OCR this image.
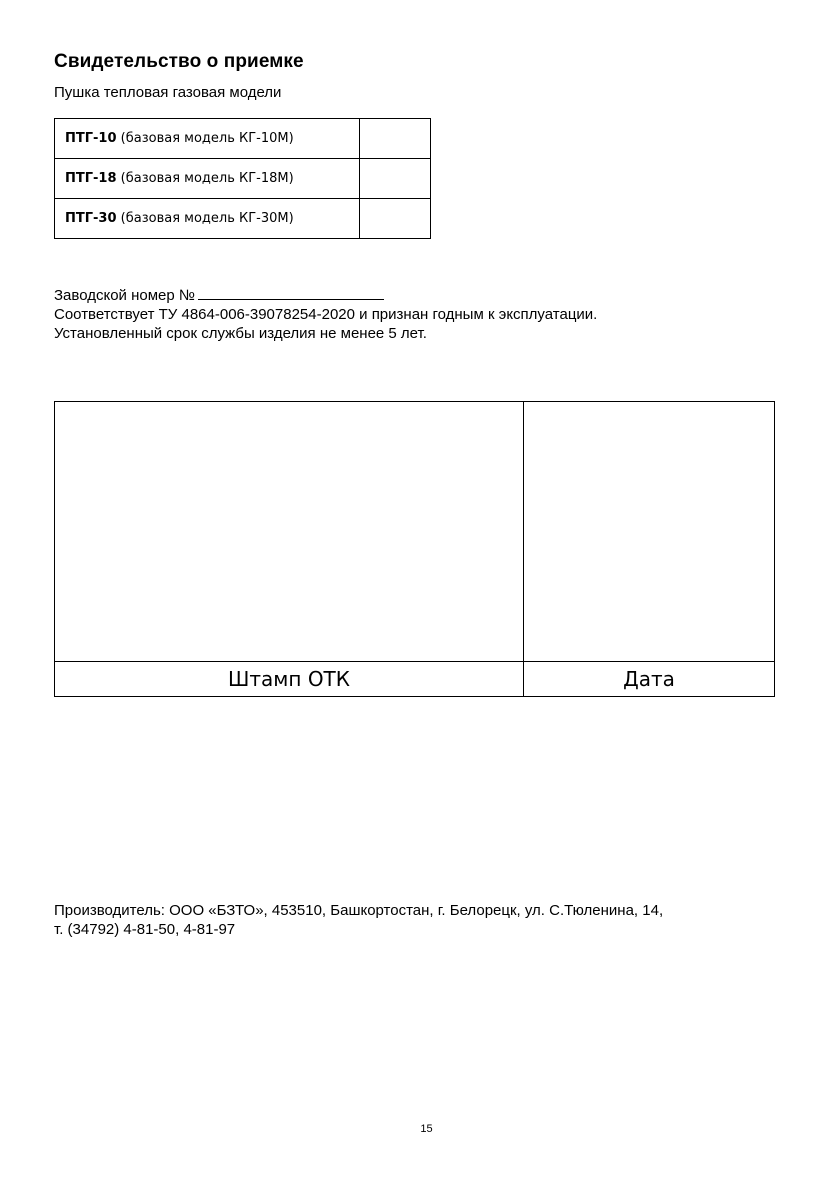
Свидетельство о приемке
Пушка тепловая газовая модели
ПТГ-10 (базовая модель КГ-10М)	
ПТГ-18 (базовая модель КГ-18М)	
ПТГ-30 (базовая модель КГ-30М)	
Заводской номер №
Соответствует ТУ 4864-006-39078254-2020 и признан годным к эксплуатации.
Установленный срок службы изделия не менее 5 лет.

Штамп ОТК	Дата
Производитель: ООО «БЗТО», 453510, Башкортостан, г. Белорецк, ул. С.Тюленина, 14,
т. (34792) 4-81-50, 4-81-97
15
